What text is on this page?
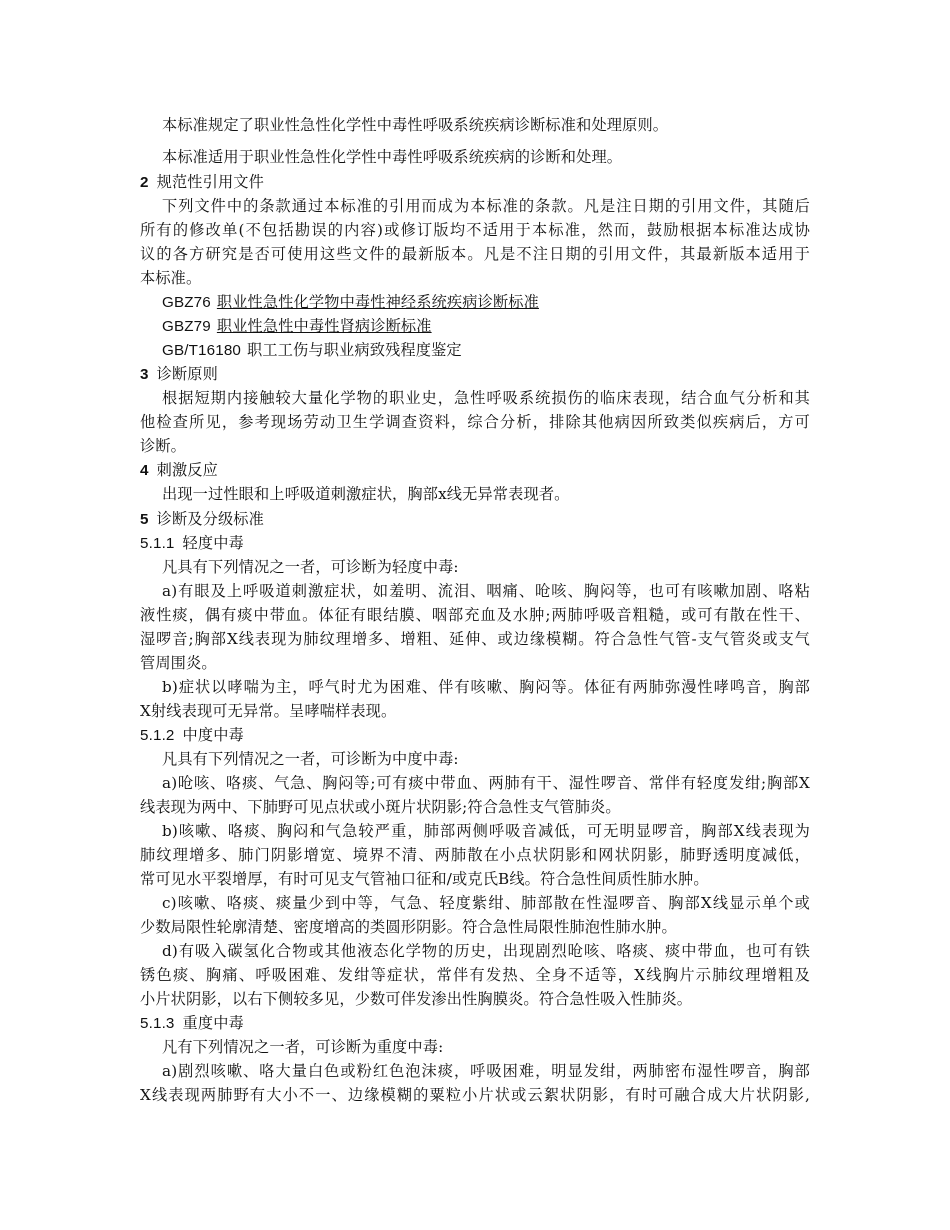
本标准规定了职业性急性化学性中毒性呼吸系统疾病诊断标准和处理原则。
本标准适用于职业性急性化学性中毒性呼吸系统疾病的诊断和处理。
2 规范性引用文件
下列文件中的条款通过本标准的引用而成为本标准的条款。凡是注日期的引用文件，其随后
所有的修改单(不包括勘误的内容)或修订版均不适用于本标准，然而，鼓励根据本标准达成协
议的各方研究是否可使用这些文件的最新版本。凡是不注日期的引用文件，其最新版本适用于
本标准。
GBZ76 职业性急性化学物中毒性神经系统疾病诊断标准
GBZ79 职业性急性中毒性肾病诊断标准
GB/T16180 职工工伤与职业病致残程度鉴定
3 诊断原则
根据短期内接触较大量化学物的职业史，急性呼吸系统损伤的临床表现，结合血气分析和其
他检查所见，参考现场劳动卫生学调查资料，综合分析，排除其他病因所致类似疾病后，方可
诊断。
4 刺激反应
出现一过性眼和上呼吸道刺激症状，胸部x线无异常表现者。
5 诊断及分级标准
5.1.1 轻度中毒
凡具有下列情况之一者，可诊断为轻度中毒:
a)有眼及上呼吸道刺激症状，如羞明、流泪、咽痛、呛咳、胸闷等，也可有咳嗽加剧、咯粘
液性痰，偶有痰中带血。体征有眼结膜、咽部充血及水肿;两肺呼吸音粗糙，或可有散在性干、
湿啰音;胸部X线表现为肺纹理增多、增粗、延伸、或边缘模糊。符合急性气管-支气管炎或支气
管周围炎。
b)症状以哮喘为主，呼气时尤为困难、伴有咳嗽、胸闷等。体征有两肺弥漫性哮鸣音，胸部
X射线表现可无异常。呈哮喘样表现。
5.1.2 中度中毒
凡具有下列情况之一者，可诊断为中度中毒:
a)呛咳、咯痰、气急、胸闷等;可有痰中带血、两肺有干、湿性啰音、常伴有轻度发绀;胸部X
线表现为两中、下肺野可见点状或小斑片状阴影;符合急性支气管肺炎。
b)咳嗽、咯痰、胸闷和气急较严重，肺部两侧呼吸音减低，可无明显啰音，胸部X线表现为
肺纹理增多、肺门阴影增宽、境界不清、两肺散在小点状阴影和网状阴影，肺野透明度减低，
常可见水平裂增厚，有时可见支气管袖口征和/或克氏B线。符合急性间质性肺水肿。
c)咳嗽、咯痰、痰量少到中等，气急、轻度紫绀、肺部散在性湿啰音、胸部X线显示单个或
少数局限性轮廓清楚、密度增高的类圆形阴影。符合急性局限性肺泡性肺水肿。
d)有吸入碳氢化合物或其他液态化学物的历史，出现剧烈呛咳、咯痰、痰中带血，也可有铁
锈色痰、胸痛、呼吸困难、发绀等症状，常伴有发热、全身不适等，X线胸片示肺纹理增粗及
小片状阴影，以右下侧较多见，少数可伴发渗出性胸膜炎。符合急性吸入性肺炎。
5.1.3 重度中毒
凡有下列情况之一者，可诊断为重度中毒:
a)剧烈咳嗽、咯大量白色或粉红色泡沫痰，呼吸困难，明显发绀，两肺密布湿性啰音，胸部
X线表现两肺野有大小不一、边缘模糊的粟粒小片状或云絮状阴影，有时可融合成大片状阴影,
